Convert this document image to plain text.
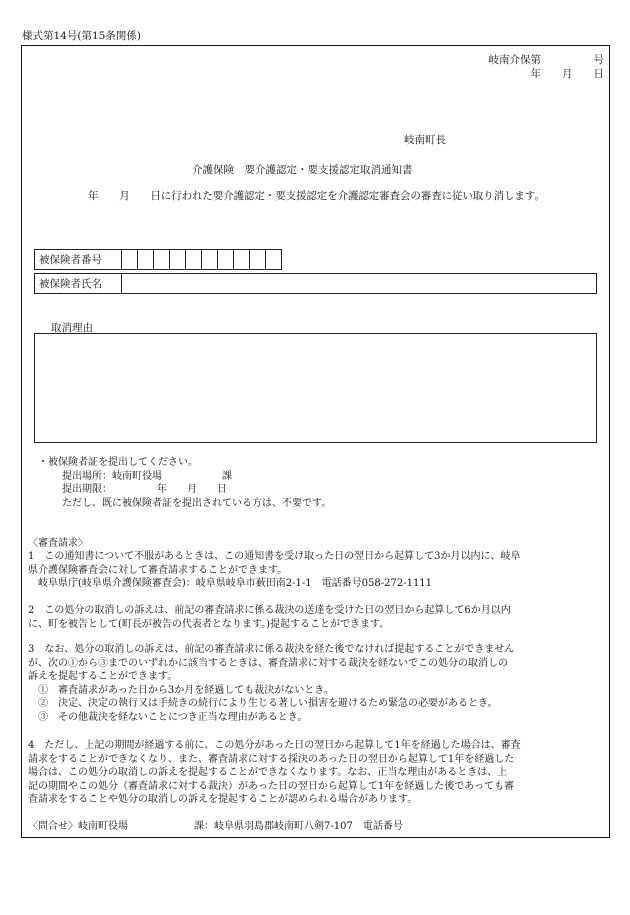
様式第14号(第15条関係)
岐南介保第　　　　　号
年　　月　　日
岐南町長
介護保険　要介護認定・要支援認定取消通知書
年　　月　　日に行われた要介護認定・要支援認定を介護認定審査会の審査に従い取り消します。
被保険者番号
被保険者氏名
取消理由
・被保険者証を提出してください。
提出場所：岐南町役場　　　　　　課
提出期限：　　　　　年　　月　　日
ただし、既に被保険者証を提出されている方は、不要です。
〈審査請求〉
1　この通知書について不服があるときは、この通知書を受け取った日の翌日から起算して3か月以内に、岐阜
県介護保険審査会に対して審査請求することができます。
　岐阜県庁(岐阜県介護保険審査会)：岐阜県岐阜市薮田南2-1-1　電話番号058-272-1111
2　この処分の取消しの訴えは、前記の審査請求に係る裁決の送達を受けた日の翌日から起算して6か月以内
に、町を被告として(町長が被告の代表者となります。)提起することができます。
3　なお、処分の取消しの訴えは、前記の審査請求に係る裁決を経た後でなければ提起することができません
が、次の①から③までのいずれかに該当するときは、審査請求に対する裁決を経ないでこの処分の取消しの
訴えを提起することができます。
　①　審査請求があった日から3か月を経過しても裁決がないとき。
　②　決定、決定の執行又は手続きの続行により生じる著しい損害を避けるため緊急の必要があるとき。
　③　その他裁決を経ないことにつき正当な理由があるとき。
4　ただし、上記の期間が経過する前に、この処分があった日の翌日から起算して1年を経過した場合は、審査
請求をすることができなくなり、また、審査請求に対する採決のあった日の翌日から起算して1年を経過した
場合は、この処分の取消しの訴えを提起することができなくなります。なお、正当な理由があるときは、上
記の期間やこの処分（審査請求に対する裁決）があった日の翌日から起算して1年を経過した後であっても審
査請求をすることや処分の取消しの訴えを提起することが認められる場合があります。
〈問合せ〉岐南町役場	課：岐阜県羽島郡岐南町八剣7-107　電話番号
